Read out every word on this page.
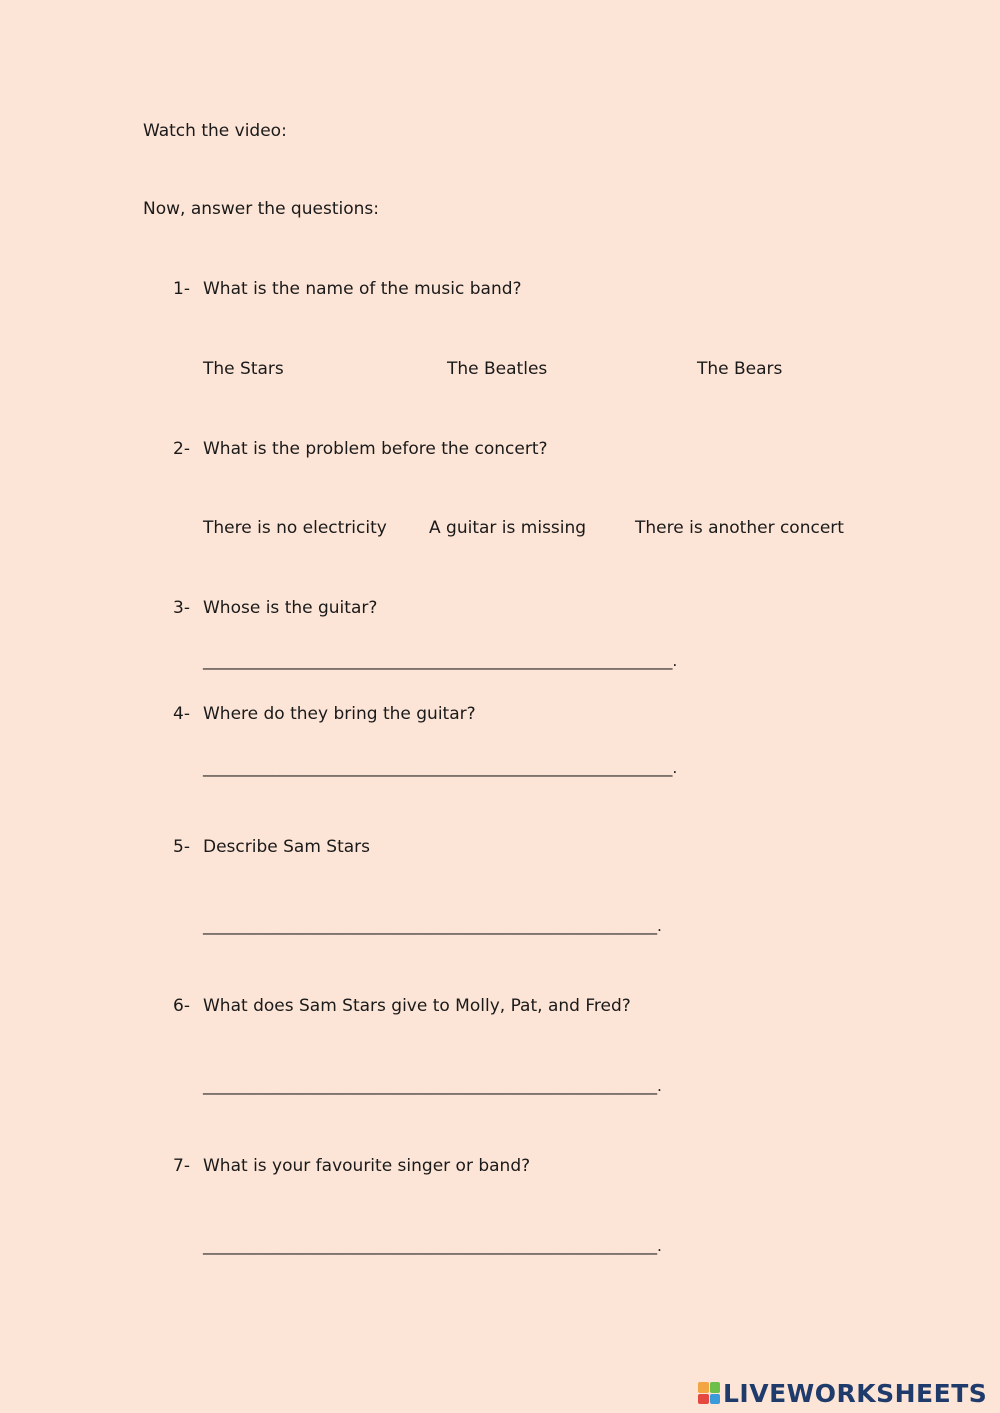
Watch the video:
Now, answer the questions:
1- What is the name of the music band?
The Stars	The Beatles	The Bears
2- What is the problem before the concert?
There is no electricity A guitar is missing	There is another concert
3- Whose is the guitar?
_____________________________________________________________.
4- Where do they bring the guitar?
_____________________________________________________________.
5- Describe Sam Stars
___________________________________________________________.
6- What does Sam Stars give to Molly, Pat, and Fred?
___________________________________________________________.
7- What is your favourite singer or band?
___________________________________________________________.
LIVEWORKSHEETS
